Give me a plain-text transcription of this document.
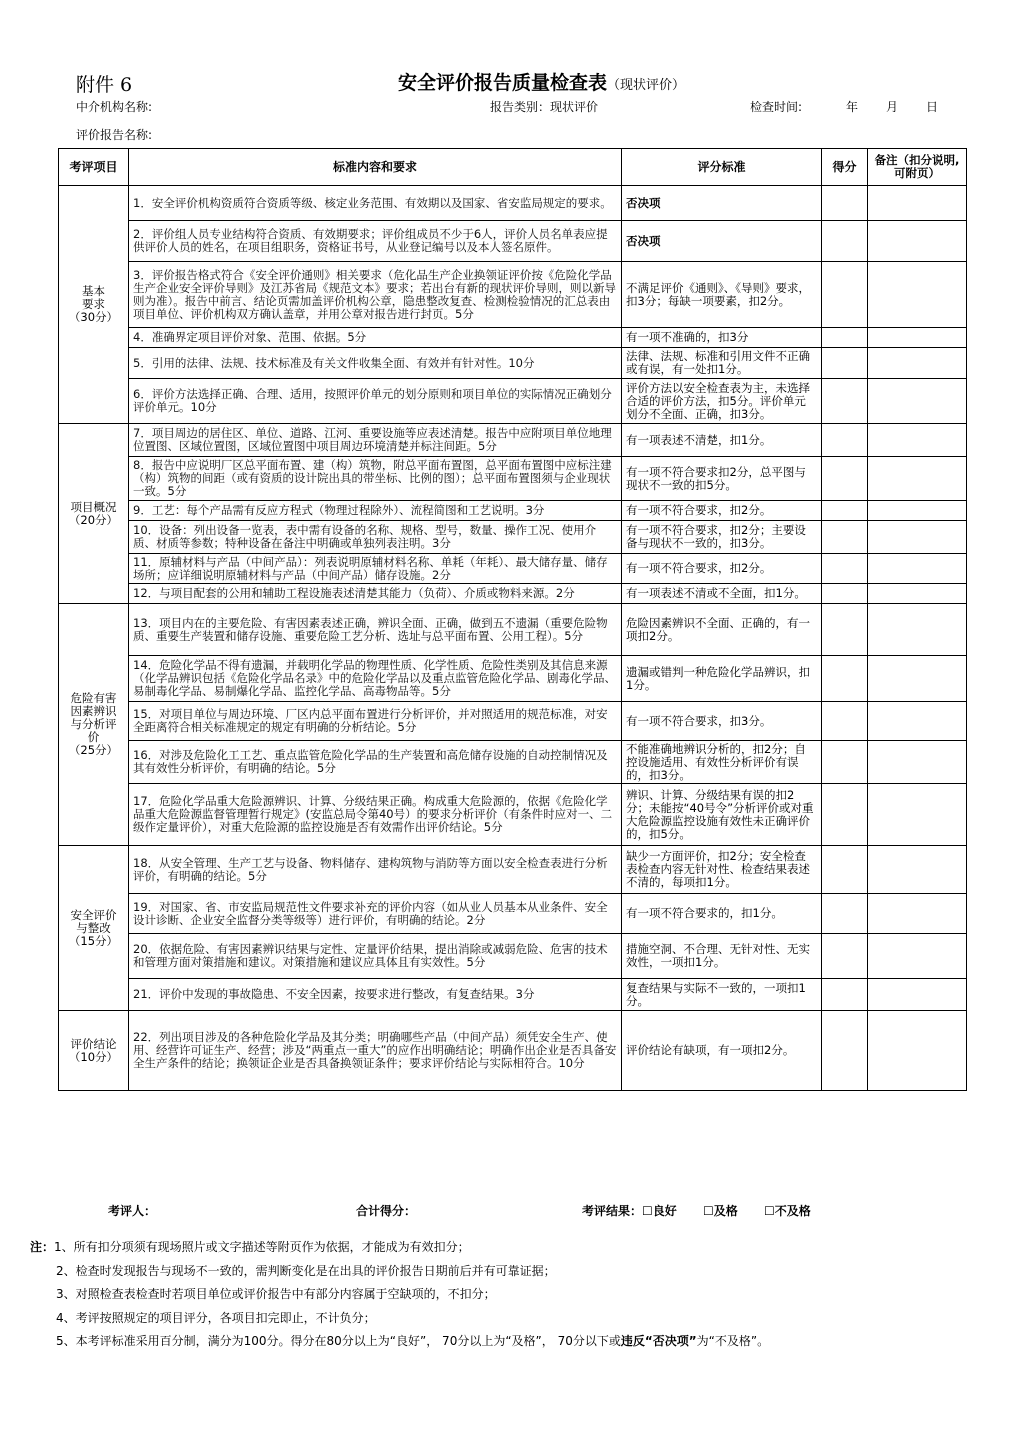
附件 6	安全评价报告质量检查表（现状评价）
中介机构名称:	报告类别：现状评价	检查时间:	年 月 日
评价报告名称:
考评项目	标准内容和要求	评分标准	得分	备注（扣分说明,可附页）

基本
要求
（30分）	1．安全评价机构资质符合资质等级、核定业务范围、有效期以及国家、省安监局规定的要求。	否决项		
	2．评价组人员专业结构符合资质、有效期要求；评价组成员不少于6人，评价人员名单表应提供评价人员的姓名，在项目组职务，资格证书号，从业登记编号以及本人签名原件。	否决项		
	3．评价报告格式符合《安全评价通则》相关要求（危化品生产企业换领证评价按《危险化学品生产企业安全评价导则》及江苏省局《规范文本》要求；若出台有新的现状评价导则，则以新导则为准）。报告中前言、结论页需加盖评价机构公章，隐患整改复查、检测检验情况的汇总表由项目单位、评价机构双方确认盖章，并用公章对报告进行封页。5分	不满足评价《通则》、《导则》要求，扣3分；每缺一项要素，扣2分。		
	4．准确界定项目评价对象、范围、依据。5分	有一项不准确的，扣3分		
	5．引用的法律、法规、技术标准及有关文件收集全面、有效并有针对性。10分	法律、法规、标准和引用文件不正确或有误，有一处扣1分。		
	6．评价方法选择正确、合理、适用，按照评价单元的划分原则和项目单位的实际情况正确划分评价单元。10分	评价方法以安全检查表为主，未选择合适的评价方法，扣5分。评价单元划分不全面、正确，扣3分。		

项目概况
（20分）	7．项目周边的居住区、单位、道路、江河、重要设施等应表述清楚。报告中应附项目单位地理位置图、区域位置图，区域位置图中项目周边环境清楚并标注间距。5分	有一项表述不清楚，扣1分。		
	8．报告中应说明厂区总平面布置、建（构）筑物，附总平面布置图，总平面布置图中应标注建（构）筑物的间距（或有资质的设计院出具的带坐标、比例的图）；总平面布置图须与企业现状一致。5分	有一项不符合要求扣2分，总平图与现状不一致的扣5分。		
	9．工艺：每个产品需有反应方程式（物理过程除外）、流程简图和工艺说明。3分	有一项不符合要求，扣2分。		
	10．设备：列出设备一览表，表中需有设备的名称、规格、型号，数量、操作工况、使用介质、材质等参数；特种设备在备注中明确或单独列表注明。3分	有一项不符合要求，扣2分；主要设备与现状不一致的，扣3分。		
	11．原辅材料与产品（中间产品）：列表说明原辅材料名称、单耗（年耗）、最大储存量、储存场所；应详细说明原辅材料与产品（中间产品）储存设施。2分	有一项不符合要求，扣2分。		
	12．与项目配套的公用和辅助工程设施表述清楚其能力（负荷）、介质或物料来源。2分	有一项表述不清或不全面，扣1分。		

危险有害
因素辨识
与分析评
价
（25分）	13．项目内在的主要危险、有害因素表述正确，辨识全面、正确，做到五不遗漏（重要危险物质、重要生产装置和储存设施、重要危险工艺分析、选址与总平面布置、公用工程）。5分	危险因素辨识不全面、正确的，有一项扣2分。		
	14．危险化学品不得有遗漏，并载明化学品的物理性质、化学性质、危险性类别及其信息来源（化学品辨识包括《危险化学品名录》中的危险化学品以及重点监管危险化学品、剧毒化学品、易制毒化学品、易制爆化学品、监控化学品、高毒物品等。5分	遗漏或错判一种危险化学品辨识，扣1分。		
	15．对项目单位与周边环境、厂区内总平面布置进行分析评价，并对照适用的规范标准，对安全距离符合相关标准规定的规定有明确的分析结论。5分	有一项不符合要求，扣3分。		
	16．对涉及危险化工工艺、重点监管危险化学品的生产装置和高危储存设施的自动控制情况及其有效性分析评价，有明确的结论。5分	不能准确地辨识分析的，扣2分；自控设施适用、有效性分析评价有误的，扣3分。		
	17．危险化学品重大危险源辨识、计算、分级结果正确。构成重大危险源的，依据《危险化学品重大危险源监督管理暂行规定》(安监总局令第40号）的要求分析评价（有条件时应对一、二级作定量评价），对重大危险源的监控设施是否有效需作出评价结论。5分	辨识、计算、分级结果有误的扣2分；未能按“40号令”分析评价或对重大危险源监控设施有效性未正确评价的，扣5分。		

安全评价
与整改
（15分）	18．从安全管理、生产工艺与设备、物料储存、建构筑物与消防等方面以安全检查表进行分析评价，有明确的结论。5分	缺少一方面评价，扣2分；安全检查表检查内容无针对性、检查结果表述不清的，每项扣1分。		
	19．对国家、省、市安监局规范性文件要求补充的评价内容（如从业人员基本从业条件、安全设计诊断、企业安全监督分类等级等）进行评价，有明确的结论。2分	有一项不符合要求的，扣1分。		
	20．依据危险、有害因素辨识结果与定性、定量评价结果，提出消除或减弱危险、危害的技术和管理方面对策措施和建议。对策措施和建议应具体且有实效性。5分	措施空洞、不合理、无针对性、无实效性，一项扣1分。		
	21．评价中发现的事故隐患、不安全因素，按要求进行整改，有复查结果。3分	复查结果与实际不一致的，一项扣1分。		

评价结论
（10分）	22．列出项目涉及的各种危险化学品及其分类；明确哪些产品（中间产品）须凭安全生产、使用、经营许可证生产、经营；涉及“两重点一重大”的应作出明确结论；明确作出企业是否具备安全生产条件的结论；换领证企业是否具备换领证条件；要求评价结论与实际相符合。10分	评价结论有缺项，有一项扣2分。		
考评人：	合计得分：	考评结果：☐良好 ☐及格 ☐不及格
注：1、所有扣分项须有现场照片或文字描述等附页作为依据，才能成为有效扣分；
2、检查时发现报告与现场不一致的，需判断变化是在出具的评价报告日期前后并有可靠证据；
3、对照检查表检查时若项目单位或评价报告中有部分内容属于空缺项的，不扣分；
4、考评按照规定的项目评分，各项目扣完即止，不计负分；
5、本考评标准采用百分制，满分为100分。得分在80分以上为“良好”， 70分以上为“及格”， 70分以下或违反“否决项”为“不及格”。
